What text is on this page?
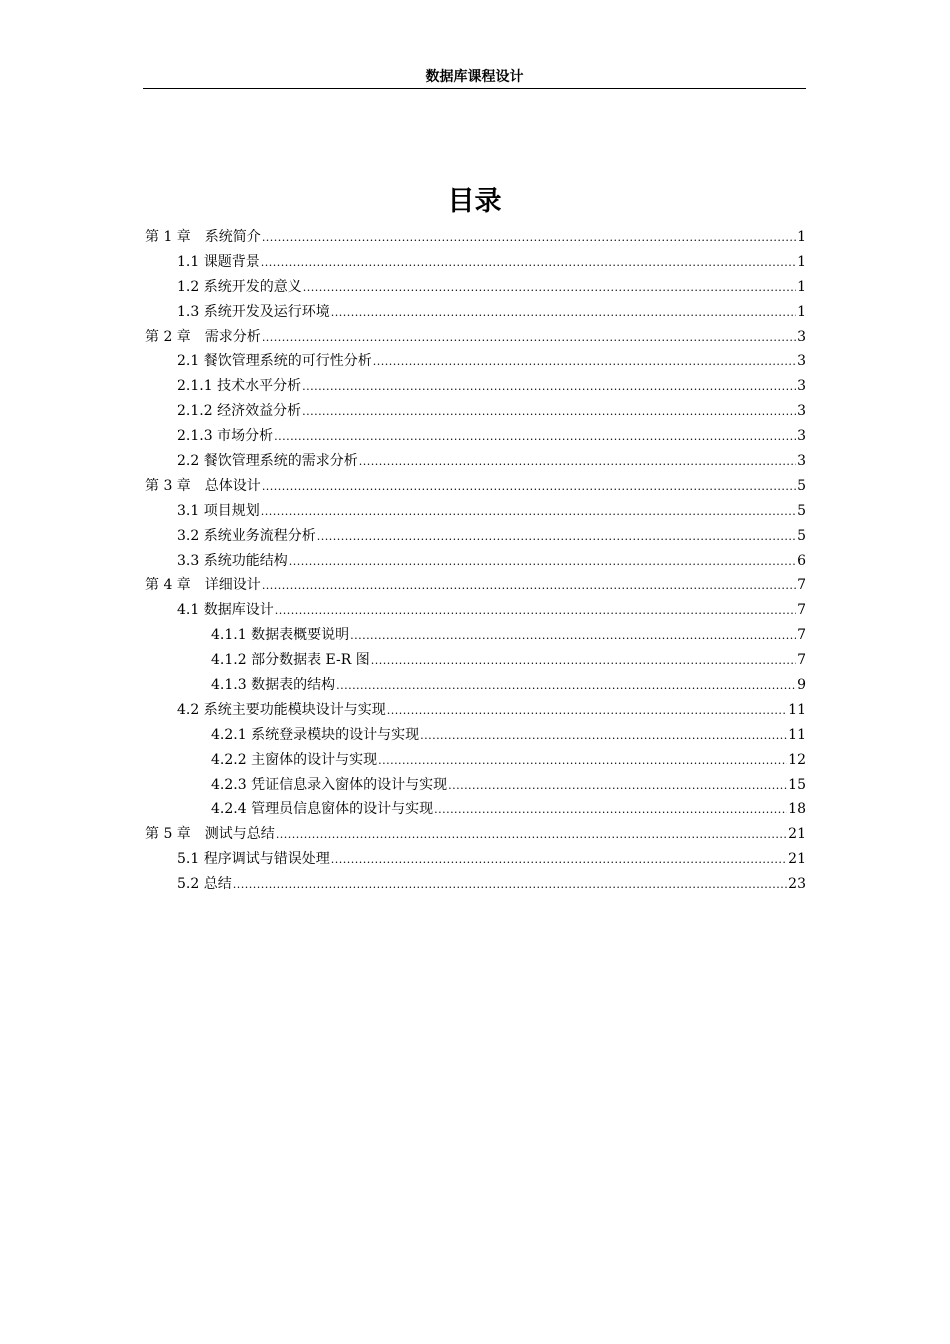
数据库课程设计
目录
第 1 章　系统简介 .....	1
1.1 课题背景 .....	1
1.2 系统开发的意义 .....	1
1.3 系统开发及运行环境 .....	1
第 2 章　需求分析 .....	3
2.1 餐饮管理系统的可行性分析 .....	3
2.1.1 技术水平分析 .....	3
2.1.2 经济效益分析 .....	3
2.1.3 市场分析 .....	3
2.2 餐饮管理系统的需求分析 .....	3
第 3 章　总体设计 .....	5
3.1 项目规划 .....	5
3.2 系统业务流程分析 .....	5
3.3 系统功能结构 .....	6
第 4 章　详细设计 .....	7
4.1 数据库设计 .....	7
4.1.1 数据表概要说明 .....	7
4.1.2 部分数据表 E-R 图 .....	7
4.1.3 数据表的结构 .....	9
4.2 系统主要功能模块设计与实现 .....	11
4.2.1 系统登录模块的设计与实现 .....	11
4.2.2 主窗体的设计与实现 .....	12
4.2.3 凭证信息录入窗体的设计与实现 .....	15
4.2.4 管理员信息窗体的设计与实现 .....	18
第 5 章　测试与总结 .....	21
5.1 程序调试与错误处理 .....	21
5.2 总结 .....	23
